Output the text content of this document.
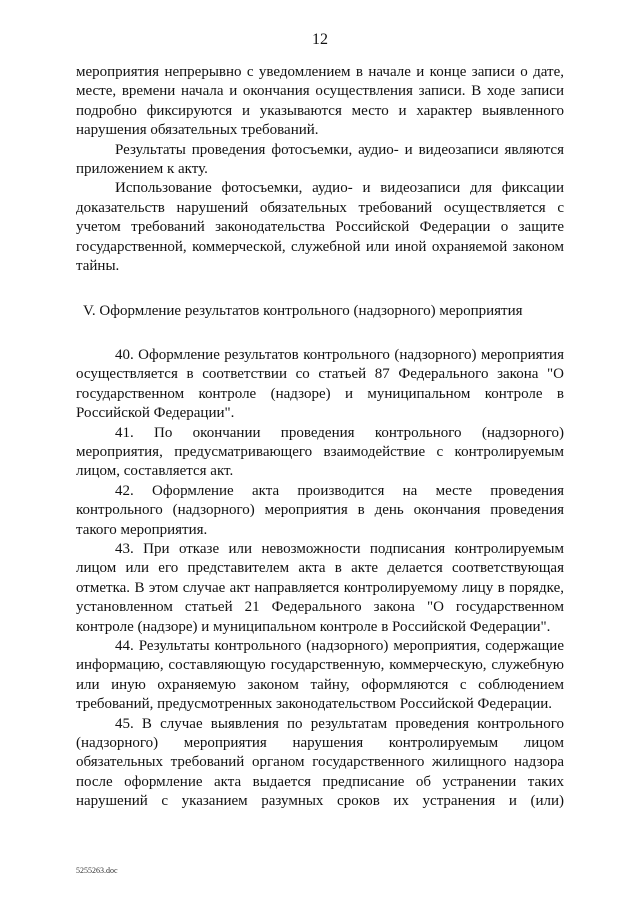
12

мероприятия непрерывно с уведомлением в начале и конце записи о дате, месте, времени начала и окончания осуществления записи. В ходе записи подробно фиксируются и указываются место и характер выявленного нарушения обязательных требований.

Результаты проведения фотосъемки, аудио- и видеозаписи являются приложением к акту.

Использование фотосъемки, аудио- и видеозаписи для фиксации доказательств нарушений обязательных требований осуществляется с учетом требований законодательства Российской Федерации о защите государственной, коммерческой, служебной или иной охраняемой законом тайны.

V. Оформление результатов контрольного (надзорного) мероприятия

40. Оформление результатов контрольного (надзорного) мероприятия осуществляется в соответствии со статьей 87 Федерального закона "О государственном контроле (надзоре) и муниципальном контроле в Российской Федерации".

41. По окончании проведения контрольного (надзорного) мероприятия, предусматривающего взаимодействие с контролируемым лицом, составляется акт.

42. Оформление акта производится на месте проведения контрольного (надзорного) мероприятия в день окончания проведения такого мероприятия.

43. При отказе или невозможности подписания контролируемым лицом или его представителем акта в акте делается соответствующая отметка. В этом случае акт направляется контролируемому лицу в порядке, установленном статьей 21 Федерального закона "О государственном контроле (надзоре) и муниципальном контроле в Российской Федерации".

44. Результаты контрольного (надзорного) мероприятия, содержащие информацию, составляющую государственную, коммерческую, служебную или иную охраняемую законом тайну, оформляются с соблюдением требований, предусмотренных законодательством Российской Федерации.

45. В случае выявления по результатам проведения контрольного (надзорного) мероприятия нарушения контролируемым лицом обязательных требований органом государственного жилищного надзора после оформление акта выдается предписание об устранении таких нарушений с указанием разумных сроков их устранения и (или)

5255263.doc
